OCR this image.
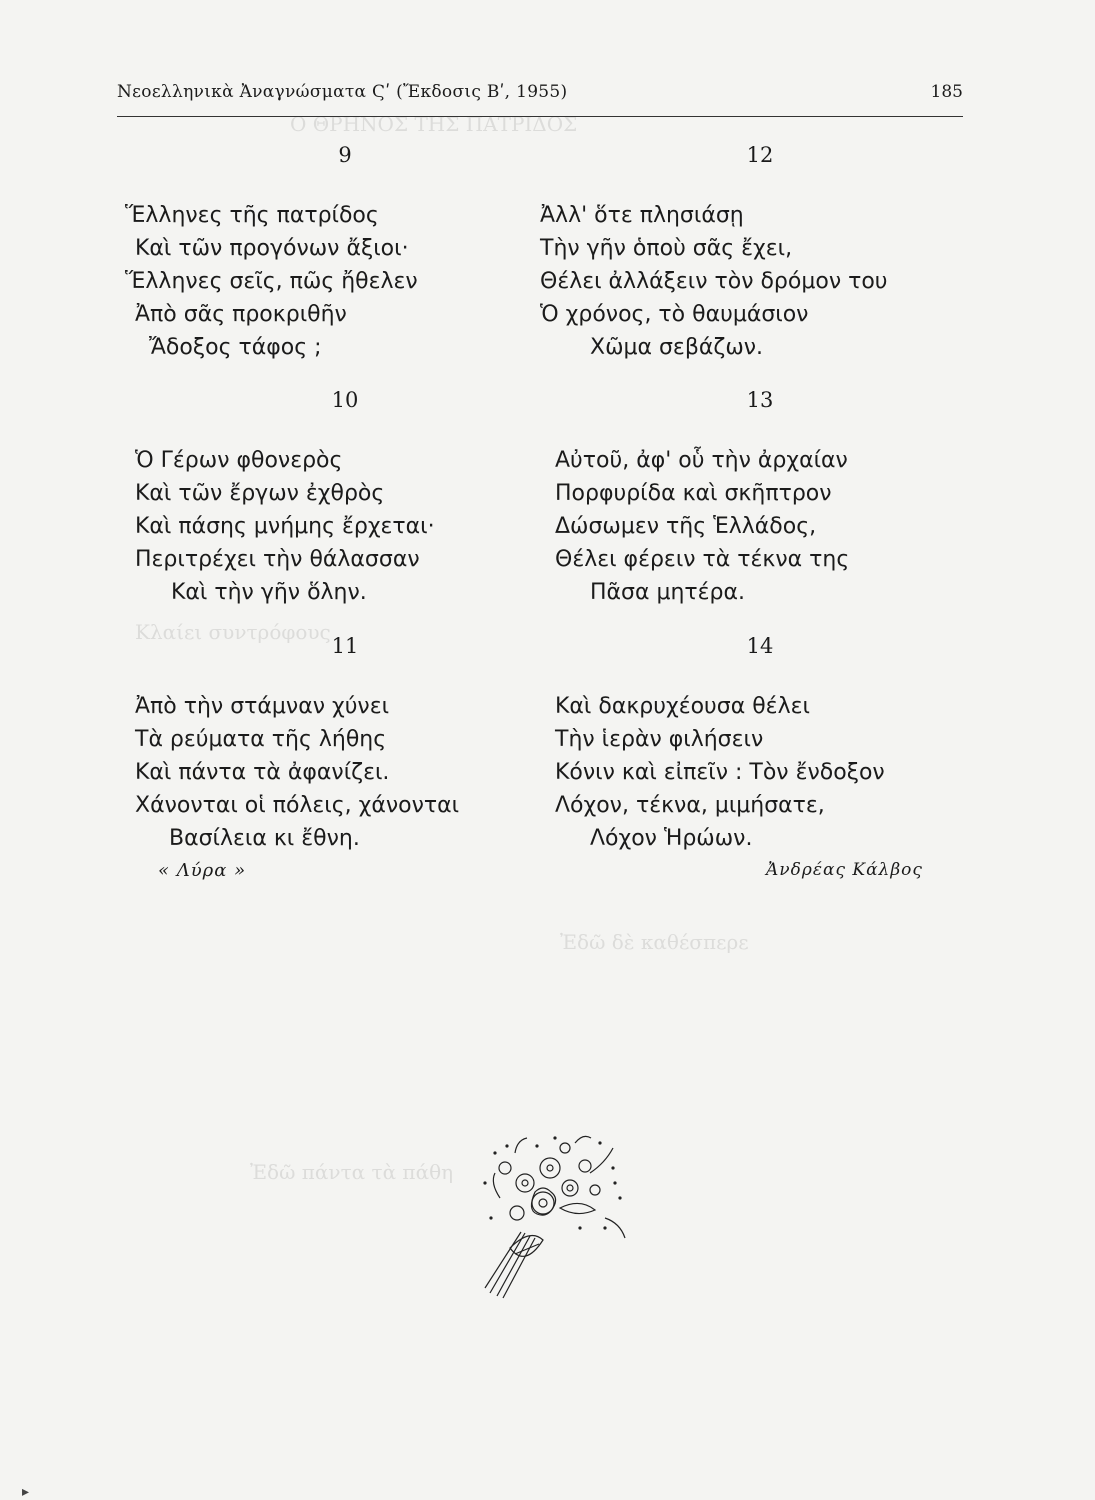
Ο ΘΡΗΝΟΣ ΤΗΣ ΠΑΤΡΙΔΟΣ
Κλαίει συντρόφους
Ἐδῶ δὲ καθέσπερε
Ἐδῶ πάντα τὰ πάθη
Νεοελληνικὰ Ἀναγνώσματα Ϛʹ (Ἔκδοσις Βʹ, 1955)	185
9
Ἕλληνες τῆς πατρίδος
Καὶ τῶν προγόνων ἄξιοι·
Ἕλληνες σεῖς, πῶς ἤθελεν
Ἀπὸ σᾶς προκριθῆν
Ἄδοξος τάφος ;
10
Ὁ Γέρων φθονερὸς
Καὶ τῶν ἔργων ἐχθρὸς
Καὶ πάσης μνήμης ἔρχεται·
Περιτρέχει τὴν θάλασσαν
Καὶ τὴν γῆν ὅλην.
11
Ἀπὸ τὴν στάμναν χύνει
Τὰ ρεύματα τῆς λήθης
Καὶ πάντα τὰ ἀφανίζει.
Χάνονται οἱ πόλεις, χάνονται
Βασίλεια κι ἔθνη.
« Λύρα »
12
Ἀλλ' ὅτε πλησιάσῃ
Τὴν γῆν ὁποὺ σᾶς ἔχει,
Θέλει ἀλλάξειν τὸν δρόμον του
Ὁ χρόνος, τὸ θαυμάσιον
Χῶμα σεβάζων.
13
Αὐτοῦ, ἀφ' οὗ τὴν ἀρχαίαν
Πορφυρίδα καὶ σκῆπτρον
Δώσωμεν τῆς Ἑλλάδος,
Θέλει φέρειν τὰ τέκνα της
Πᾶσα μητέρα.
14
Καὶ δακρυχέουσα θέλει
Τὴν ἱερὰν φιλήσειν
Κόνιν καὶ εἰπεῖν : Τὸν ἔνδοξον
Λόχον, τέκνα, μιμήσατε,
Λόχον Ἡρώων.
Ἀνδρέας Κάλβος
▸
